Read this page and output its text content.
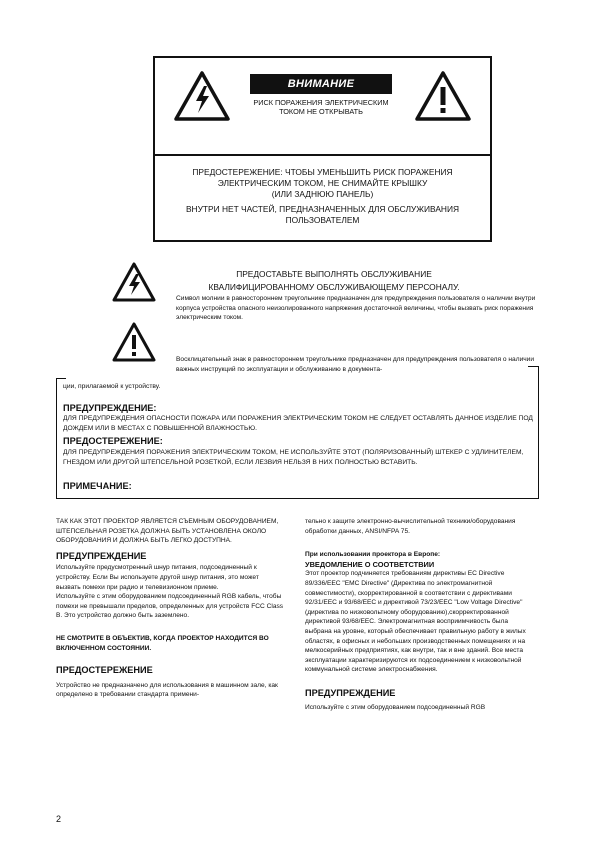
ВНИМАНИЕ
РИСК ПОРАЖЕНИЯ ЭЛЕКТРИЧЕСКИМ ТОКОМ НЕ ОТКРЫВАТЬ
ПРЕДОСТЕРЕЖЕНИЕ: ЧТОБЫ УМЕНЬШИТЬ РИСК ПОРАЖЕНИЯ
ЭЛЕКТРИЧЕСКИМ ТОКОМ, НЕ СНИМАЙТЕ КРЫШКУ
(ИЛИ ЗАДНЮЮ ПАНЕЛЬ)
ВНУТРИ НЕТ ЧАСТЕЙ, ПРЕДНАЗНАЧЕННЫХ ДЛЯ ОБСЛУЖИВАНИЯ
ПОЛЬЗОВАТЕЛЕМ
ПРЕДОСТАВЬТЕ ВЫПОЛНЯТЬ ОБСЛУЖИВАНИЕ
КВАЛИФИЦИРОВАННОМУ ОБСЛУЖИВАЮЩЕМУ ПЕРСОНАЛУ.
Символ молнии в равностороннем треугольнике предназначен для предупреждения пользователя о наличии внутри корпуса устройства опасного неизолированного напряжения достаточной величины, чтобы вызвать риск поражения электрическим током.
Восклицательный знак в равностороннем треугольнике предназначен для предупреждения пользователя о наличии важных инструкций по эксплуатации и обслуживанию в документа-
ции, прилагаемой к устройству.
ПРЕДУПРЕЖДЕНИЕ:
ДЛЯ ПРЕДУПРЕЖДЕНИЯ ОПАСНОСТИ ПОЖАРА ИЛИ ПОРАЖЕНИЯ ЭЛЕКТРИЧЕСКИМ ТОКОМ НЕ СЛЕДУЕТ ОСТАВЛЯТЬ ДАННОЕ ИЗДЕЛИЕ ПОД ДОЖДЕМ ИЛИ В МЕСТАХ С ПОВЫШЕННОЙ ВЛАЖНОСТЬЮ.
ПРЕДОСТЕРЕЖЕНИЕ:
ДЛЯ ПРЕДУПРЕЖДЕНИЯ ПОРАЖЕНИЯ ЭЛЕКТРИЧЕСКИМ ТОКОМ, НЕ ИСПОЛЬЗУЙТЕ ЭТОТ (ПОЛЯРИЗОВАННЫЙ) ШТЕКЕР С УДЛИНИТЕЛЕМ, ГНЕЗДОМ ИЛИ ДРУГОЙ ШТЕПСЕЛЬНОЙ РОЗЕТКОЙ, ЕСЛИ ЛЕЗВИЯ НЕЛЬЗЯ В НИХ ПОЛНОСТЬЮ ВСТАВИТЬ.
ПРИМЕЧАНИЕ:
ТАК КАК ЭТОТ ПРОЕКТОР ЯВЛЯЕТСЯ СЪЕМНЫМ ОБОРУДОВАНИЕМ, ШТЕПСЕЛЬНАЯ РОЗЕТКА ДОЛЖНА БЫТЬ УСТАНОВЛЕНА ОКОЛО ОБОРУДОВАНИЯ И ДОЛЖНА БЫТЬ ЛЕГКО ДОСТУПНА.
ПРЕДУПРЕЖДЕНИЕ
Используйте предусмотренный шнур питания, подсоединенный к устройству. Если Вы используете другой шнур питания, это может вызвать помехи при радио и телевизионном приеме.
Используйте с этим оборудованием подсоединенный RGB кабель, чтобы помехи не превышали пределов, определенных для устройств FCC Class B. Это устройство должно быть заземлено.
НЕ СМОТРИТЕ В ОБЪЕКТИВ, КОГДА ПРОЕКТОР НАХОДИТСЯ ВО ВКЛЮЧЕННОМ СОСТОЯНИИ.
ПРЕДОСТЕРЕЖЕНИЕ
Устройство не предназначено для использования в машинном зале, как определено в требовании стандарта примени-
тельно к защите электронно-вычислительной техники/оборудования обработки данных, ANSI/NFPA 75.
При использовании проектора в Европе:
УВЕДОМЛЕНИЕ О СООТВЕТСТВИИ
Этот проектор подчиняется требованиям директивы EC Directive 89/336/EEC "EMC Directive" (Директива по электромагнитной совместимости), скорректированной в соответствии с директивами 92/31/EEC и 93/68/EEC и директивой 73/23/EEC "Low Voltage Directive" (директива по низковольтному оборудованию),скорректированной директивой 93/68/EEC. Электромагнитная восприимчивость была выбрана на уровне, который обеспечивает правильную работу в жилых областях, в офисных и небольших производственных помещениях и на мелкосерийных предприятиях, как внутри, так и вне зданий. Все места эксплуатации характеризируются их подсоединением к низковольтной коммунальной системе электроснабжения.
ПРЕДУПРЕЖДЕНИЕ
Используйте с этим оборудованием подсоединенный RGB
2
